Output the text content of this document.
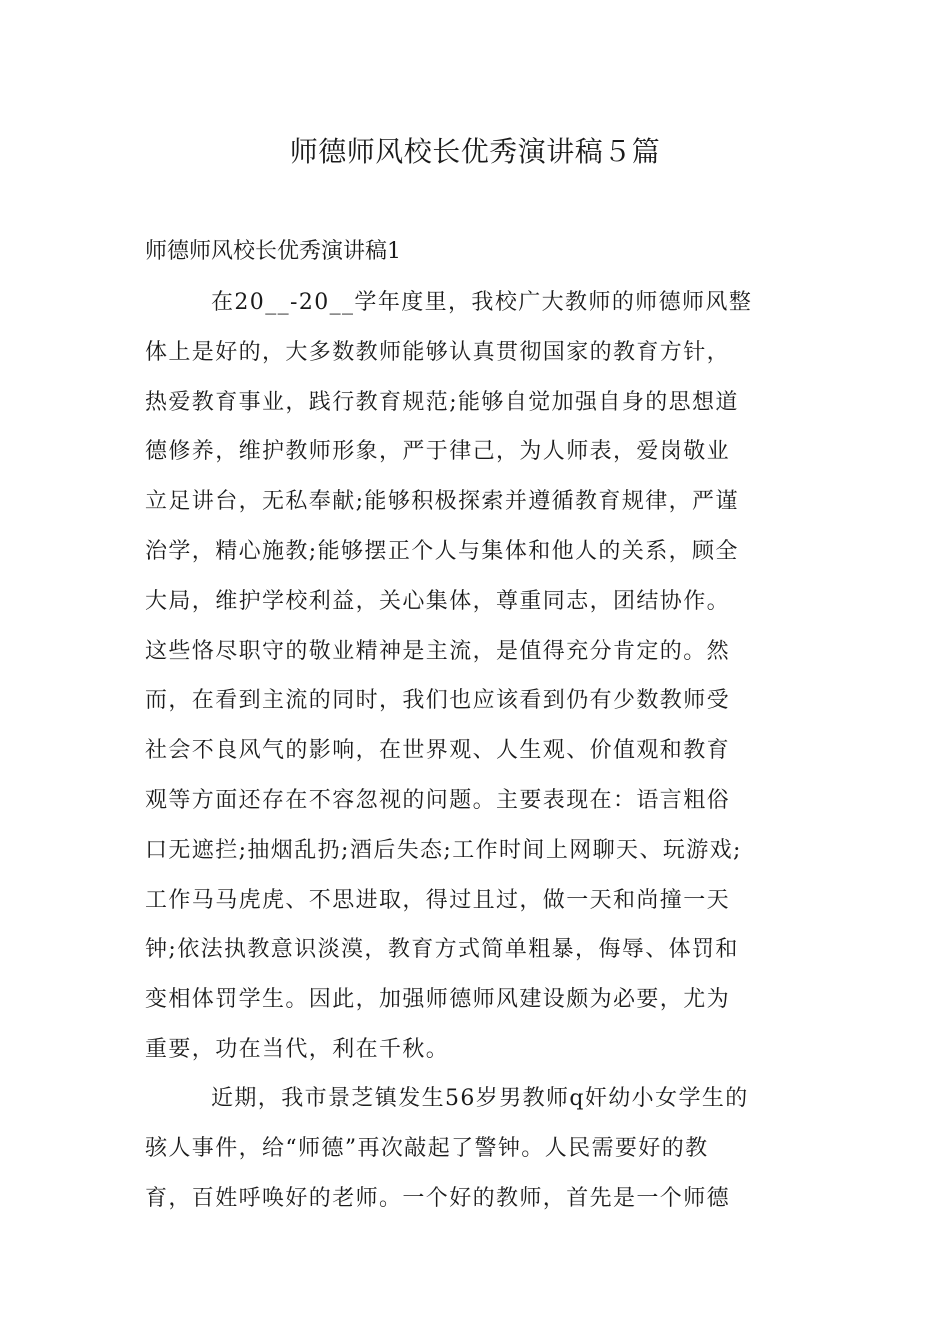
师德师风校长优秀演讲稿５篇
师德师风校长优秀演讲稿1
在20__-20__学年度里，我校广大教师的师德师风整
体上是好的，大多数教师能够认真贯彻国家的教育方针，
热爱教育事业，践行教育规范;能够自觉加强自身的思想道
德修养，维护教师形象，严于律己，为人师表，爱岗敬业
立足讲台，无私奉献;能够积极探索并遵循教育规律，严谨
治学，精心施教;能够摆正个人与集体和他人的关系，顾全
大局，维护学校利益，关心集体，尊重同志，团结协作。
这些恪尽职守的敬业精神是主流，是值得充分肯定的。然
而，在看到主流的同时，我们也应该看到仍有少数教师受
社会不良风气的影响，在世界观、人生观、价值观和教育
观等方面还存在不容忽视的问题。主要表现在：语言粗俗
口无遮拦;抽烟乱扔;酒后失态;工作时间上网聊天、玩游戏;
工作马马虎虎、不思进取，得过且过，做一天和尚撞一天
钟;依法执教意识淡漠，教育方式简单粗暴，侮辱、体罚和
变相体罚学生。因此，加强师德师风建设颇为必要，尤为
重要，功在当代，利在千秋。
近期，我市景芝镇发生56岁男教师q奸幼小女学生的
骇人事件，给“师德”再次敲起了警钟。人民需要好的教
育，百姓呼唤好的老师。一个好的教师，首先是一个师德
